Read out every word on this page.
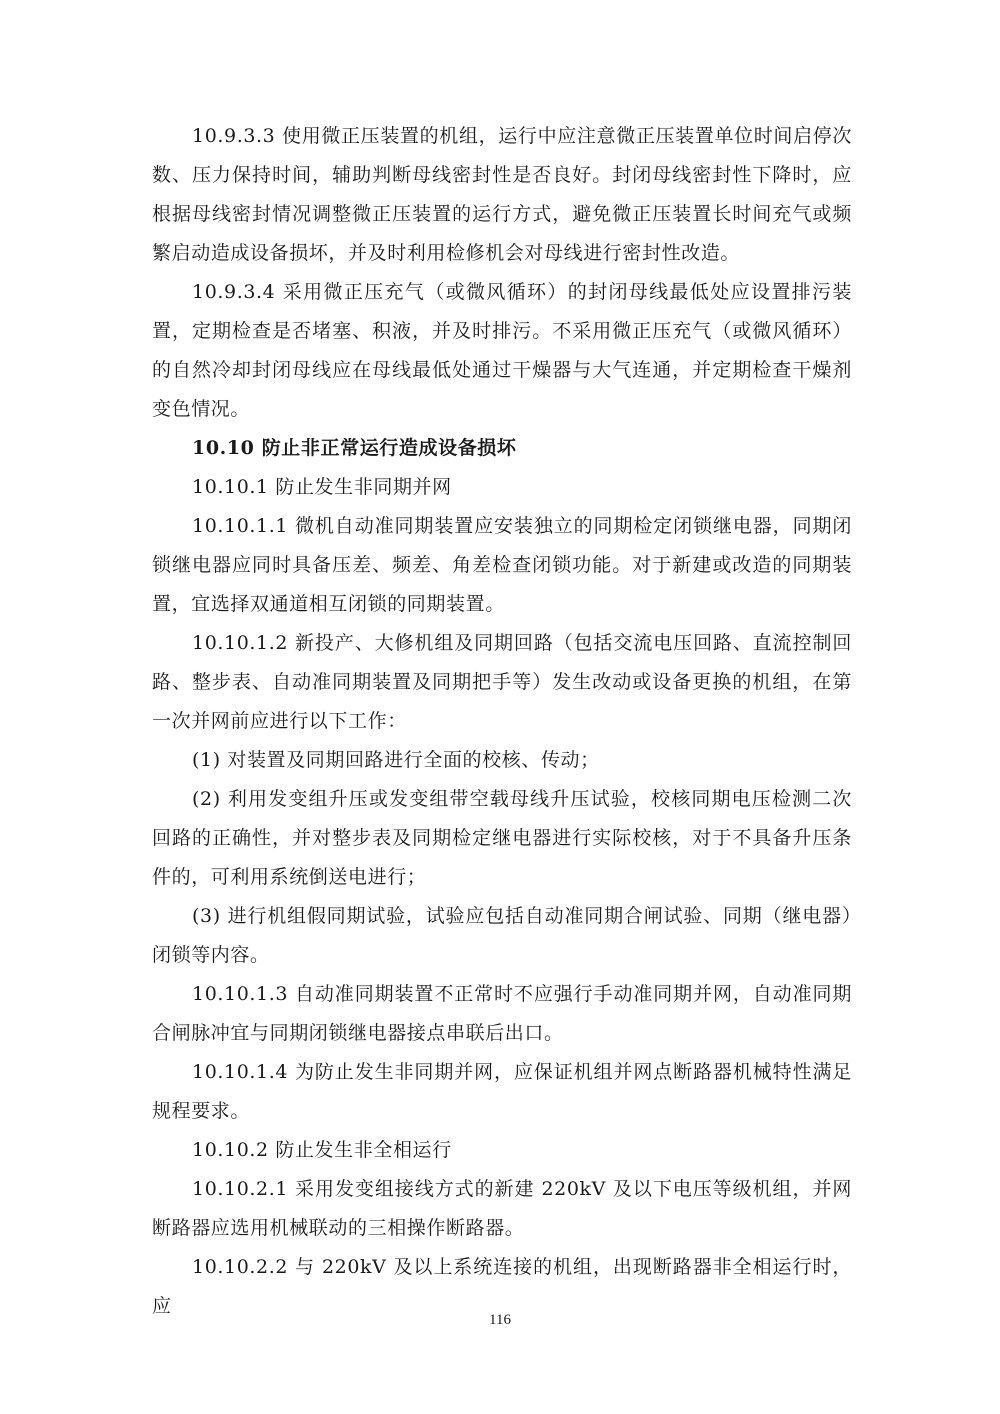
10.9.3.3 使用微正压装置的机组，运行中应注意微正压装置单位时间启停次数、压力保持时间，辅助判断母线密封性是否良好。封闭母线密封性下降时，应根据母线密封情况调整微正压装置的运行方式，避免微正压装置长时间充气或频繁启动造成设备损坏，并及时利用检修机会对母线进行密封性改造。

10.9.3.4 采用微正压充气（或微风循环）的封闭母线最低处应设置排污装置，定期检查是否堵塞、积液，并及时排污。不采用微正压充气（或微风循环）的自然冷却封闭母线应在母线最低处通过干燥器与大气连通，并定期检查干燥剂变色情况。

10.10 防止非正常运行造成设备损坏

10.10.1 防止发生非同期并网

10.10.1.1 微机自动准同期装置应安装独立的同期检定闭锁继电器，同期闭锁继电器应同时具备压差、频差、角差检查闭锁功能。对于新建或改造的同期装置，宜选择双通道相互闭锁的同期装置。

10.10.1.2 新投产、大修机组及同期回路（包括交流电压回路、直流控制回路、整步表、自动准同期装置及同期把手等）发生改动或设备更换的机组，在第一次并网前应进行以下工作：

(1) 对装置及同期回路进行全面的校核、传动；

(2) 利用发变组升压或发变组带空载母线升压试验，校核同期电压检测二次回路的正确性，并对整步表及同期检定继电器进行实际校核，对于不具备升压条件的，可利用系统倒送电进行；

(3) 进行机组假同期试验，试验应包括自动准同期合闸试验、同期（继电器）闭锁等内容。

10.10.1.3 自动准同期装置不正常时不应强行手动准同期并网，自动准同期合闸脉冲宜与同期闭锁继电器接点串联后出口。

10.10.1.4 为防止发生非同期并网，应保证机组并网点断路器机械特性满足规程要求。

10.10.2 防止发生非全相运行

10.10.2.1 采用发变组接线方式的新建 220kV 及以下电压等级机组，并网断路器应选用机械联动的三相操作断路器。

10.10.2.2 与 220kV 及以上系统连接的机组，出现断路器非全相运行时，应

116
